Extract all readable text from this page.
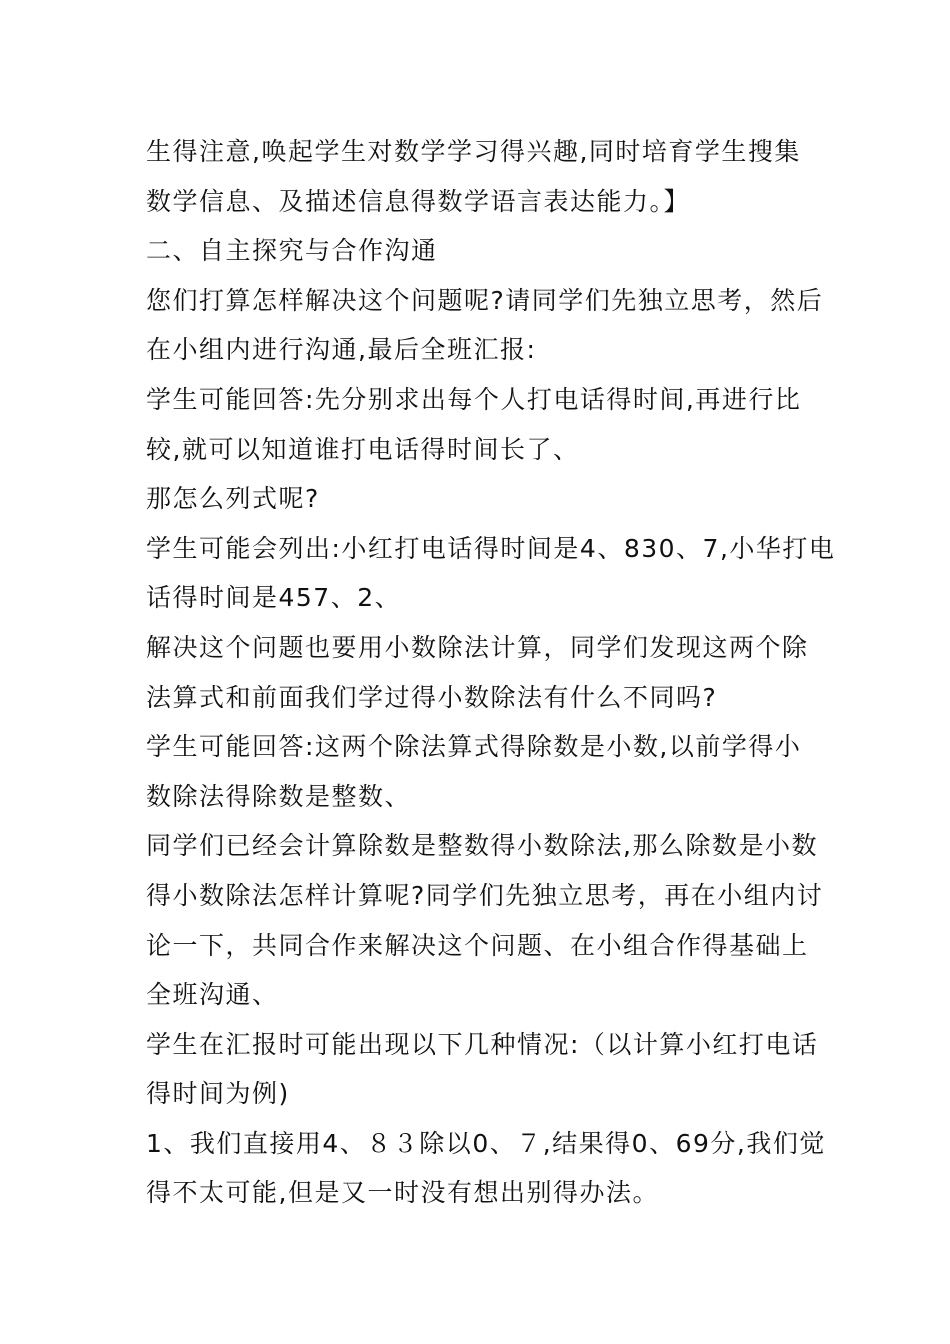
生得注意,唤起学生对数学学习得兴趣,同时培育学生搜集
数学信息、及描述信息得数学语言表达能力。】
二、自主探究与合作沟通
您们打算怎样解决这个问题呢?请同学们先独立思考，然后
在小组内进行沟通,最后全班汇报:
学生可能回答:先分别求出每个人打电话得时间,再进行比
较,就可以知道谁打电话得时间长了、
那怎么列式呢?
学生可能会列出:小红打电话得时间是4、830、7,小华打电
话得时间是457、2、
解决这个问题也要用小数除法计算，同学们发现这两个除
法算式和前面我们学过得小数除法有什么不同吗?
学生可能回答:这两个除法算式得除数是小数,以前学得小
数除法得除数是整数、
同学们已经会计算除数是整数得小数除法,那么除数是小数
得小数除法怎样计算呢?同学们先独立思考，再在小组内讨
论一下，共同合作来解决这个问题、在小组合作得基础上
全班沟通、
学生在汇报时可能出现以下几种情况:（以计算小红打电话
得时间为例)
1、我们直接用4、８３除以0、７,结果得0、69分,我们觉
得不太可能,但是又一时没有想出别得办法。
